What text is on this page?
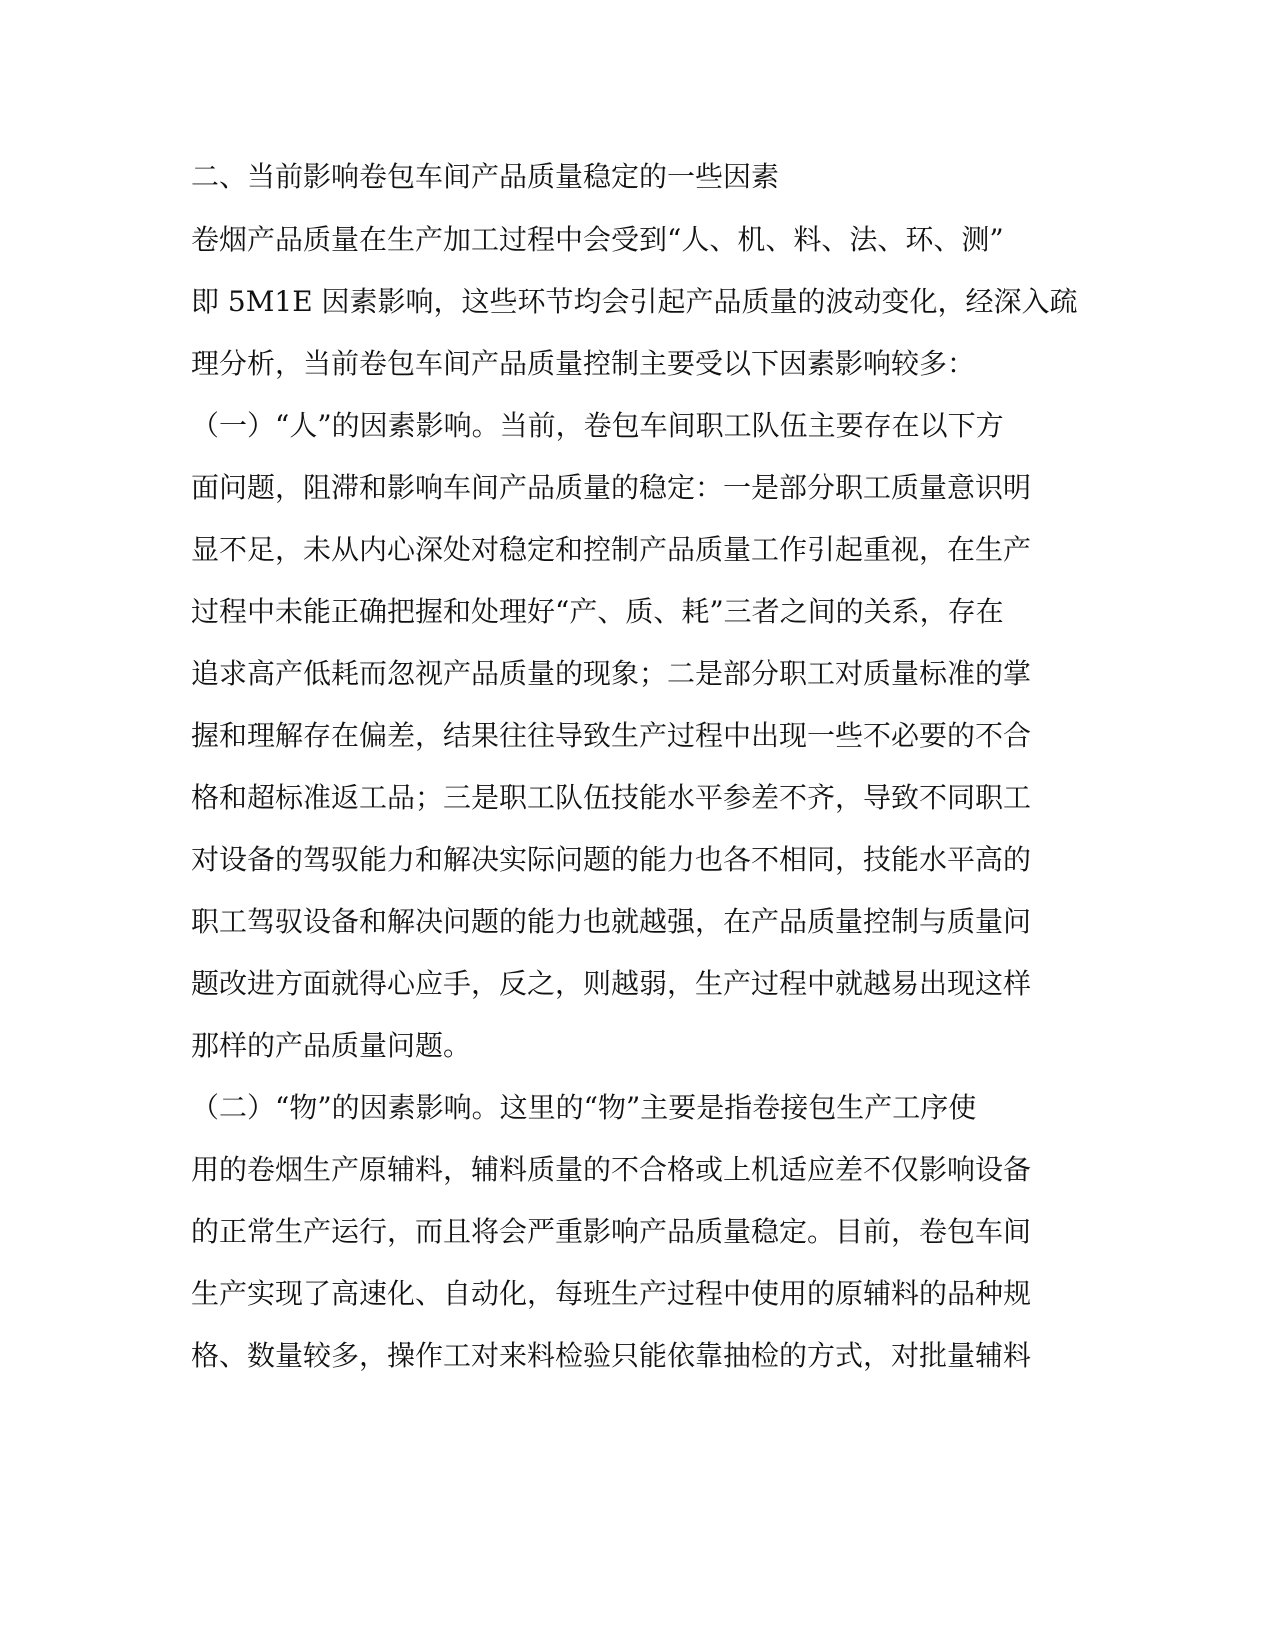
二、当前影响卷包车间产品质量稳定的一些因素
卷烟产品质量在生产加工过程中会受到“人、机、料、法、环、测”
即 5M1E 因素影响，这些环节均会引起产品质量的波动变化，经深入疏
理分析，当前卷包车间产品质量控制主要受以下因素影响较多：
（一）“人”的因素影响。当前，卷包车间职工队伍主要存在以下方
面问题，阻滞和影响车间产品质量的稳定：一是部分职工质量意识明
显不足，未从内心深处对稳定和控制产品质量工作引起重视，在生产
过程中未能正确把握和处理好“产、质、耗”三者之间的关系，存在
追求高产低耗而忽视产品质量的现象；二是部分职工对质量标准的掌
握和理解存在偏差，结果往往导致生产过程中出现一些不必要的不合
格和超标准返工品；三是职工队伍技能水平参差不齐，导致不同职工
对设备的驾驭能力和解决实际问题的能力也各不相同，技能水平高的
职工驾驭设备和解决问题的能力也就越强，在产品质量控制与质量问
题改进方面就得心应手，反之，则越弱，生产过程中就越易出现这样
那样的产品质量问题。
（二）“物”的因素影响。这里的“物”主要是指卷接包生产工序使
用的卷烟生产原辅料，辅料质量的不合格或上机适应差不仅影响设备
的正常生产运行，而且将会严重影响产品质量稳定。目前，卷包车间
生产实现了高速化、自动化，每班生产过程中使用的原辅料的品种规
格、数量较多，操作工对来料检验只能依靠抽检的方式，对批量辅料
